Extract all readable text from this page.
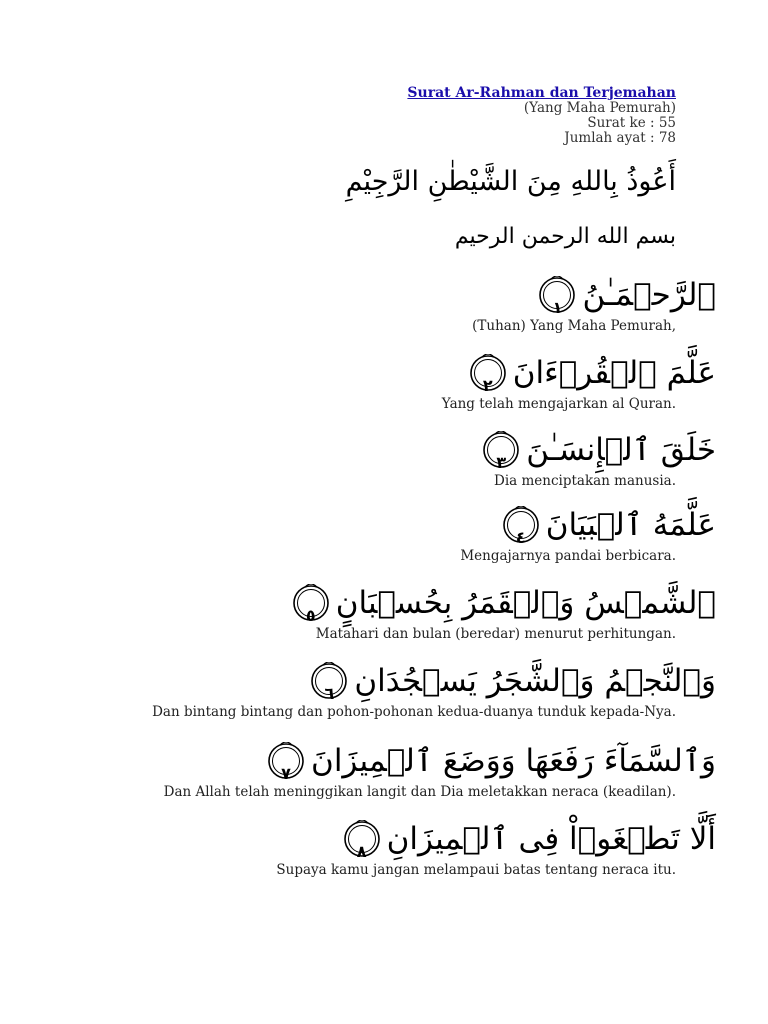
Surat Ar-Rahman dan Terjemahan
(Yang Maha Pemurah)
Surat ke : 55
Jumlah ayat : 78
أَعُوذُ بِاللهِ مِنَ الشَّيْطٰنِ الرَّجِيْمِ
بسم الله الرحمن الرحيم
ٱلرَّحۡمَـٰنُ
١
(Tuhan) Yang Maha Pemurah,
عَلَّمَ ٱلۡقُرۡءَانَ
٢
Yang telah mengajarkan al Quran.
خَلَقَ ٱلۡإِنسَـٰنَ
٣
Dia menciptakan manusia.
عَلَّمَهُ ٱلۡبَيَانَ
٤
Mengajarnya pandai berbicara.
ٱلشَّمۡسُ وَٱلۡقَمَرُ بِحُسۡبَانٍ
٥
Matahari dan bulan (beredar) menurut perhitungan.
وَٱلنَّجۡمُ وَٱلشَّجَرُ يَسۡجُدَانِ
٦
Dan bintang bintang dan pohon-pohonan kedua-duanya tunduk kepada-Nya.
وَٱلسَّمَآءَ رَفَعَهَا وَوَضَعَ ٱلۡمِيزَانَ
٧
Dan Allah telah meninggikan langit dan Dia meletakkan neraca (keadilan).
أَلَّا تَطۡغَوۡاْ فِى ٱلۡمِيزَانِ
٨
Supaya kamu jangan melampaui batas tentang neraca itu.
